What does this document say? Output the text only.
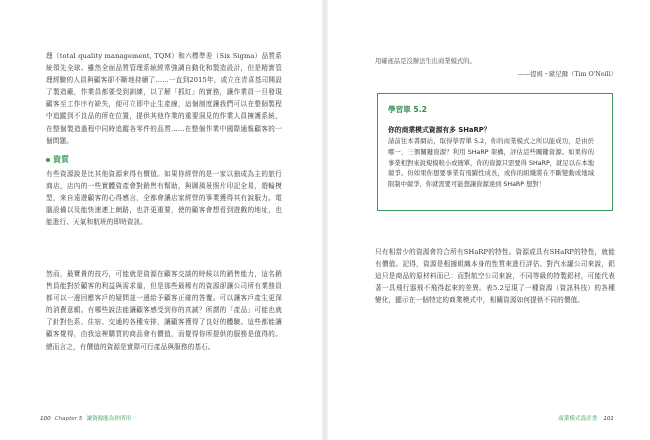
理（total quality management, TQM）和六標準差（Six Sigma）品質系統領先全球。雖然全面品質管理系統經常強調自動化和製造設計，但是精實管理經驗的人員與顧客卻不斷地持續了……一直到2015年，或立在青喜基司開設了製造廠，作業員都要受到訓練，以了解「抓紅」的實務，讓作業員一旦發現顧客至工作序有缺失，便可立即中止生產線，這個制度讓我們可以在整個製程中追蹤到不良品的所在位置，提供其他作業的重要洞見的作業人員擁護系統，在整個製造過程中同時追蹤各零件的品質……在整個作業中國際通報顧客的一個問題。

資質

有些資源說是比其他資源來得有價值。如果你經營的是一家以抽成為主的旅行商店，店內的一些實體資產會對銷售有幫助，與圖風景照片印記全易，遊輪模型，來自遠遊顧客的心得感言，全都會讓店家經營的事業獲得其有說服力。電腦設備以及能快速連上網路，也許更重要，使的顧客會想看到遊戲的地址，也能進行、天氣和航班的即時資訊。

然而，最寶貴的技巧，可能就是資源在顧客交談的時候以的銷售能力，這名銷售員能對於顧客的利益與需求量，但是那些最稀有的資源卻讓公司所有業務員都可以一邊回應客戶的疑問並一邊給予顧客正確的答覆。可以讓客戶產生更深的消費意願。有哪些說法能讓顧客感受到你的真誠？所謂的「產品」可能也就了針對色系、住宿、交通的各種安排，讓顧客獲得了良好的體驗。這些都能讓顧客覺得，由我這裡購買的商品會有價值，而覺得你所提供的服務是值得的。總而言之，有價值的資源是實際可行產品與服務的基石。

100 Chapter 5 讓資源能為你所用
用確產品是沒辦法生出商業模式的。
——提姆・歐尼爾（Tim O'Neill）
學習單 5.2
你的商業模式資源有多 SHaRP？
請前往本書網站，取得學習單 5.2，你的商業模式之所以能成功，是由於哪一、三個關鍵資源？利用 SHaRP 架構，評估這些關鍵資源。如果你的事業相對來說規模較小或簡單，你的資源只需要得 SHaRP，就足以在本地競爭。但如果你想要事業有飛躍性成長，或你的組織將在不斷變動或地域限制中競爭，你就需要可能想讓資源達到 SHaRP 想對！

只有相當少的資源會符合所有SHaRP的特性。資源或具有SHaRP的特性，就能有價值。記得，資源是根據組織本身的性質來進行評估。對汽水罐公司來說，鋁這只是商品的原材料而已：而對航空公司來說，不同等級的特製鋁材，可能代表著一具飛行器飛不飛得起來的差異。表5.2呈現了一種資源（資訊科技）的各種變化，顯示在一個特定的商業模式中，相關資源如何提供不同的價值。

商業模式設計書 101
